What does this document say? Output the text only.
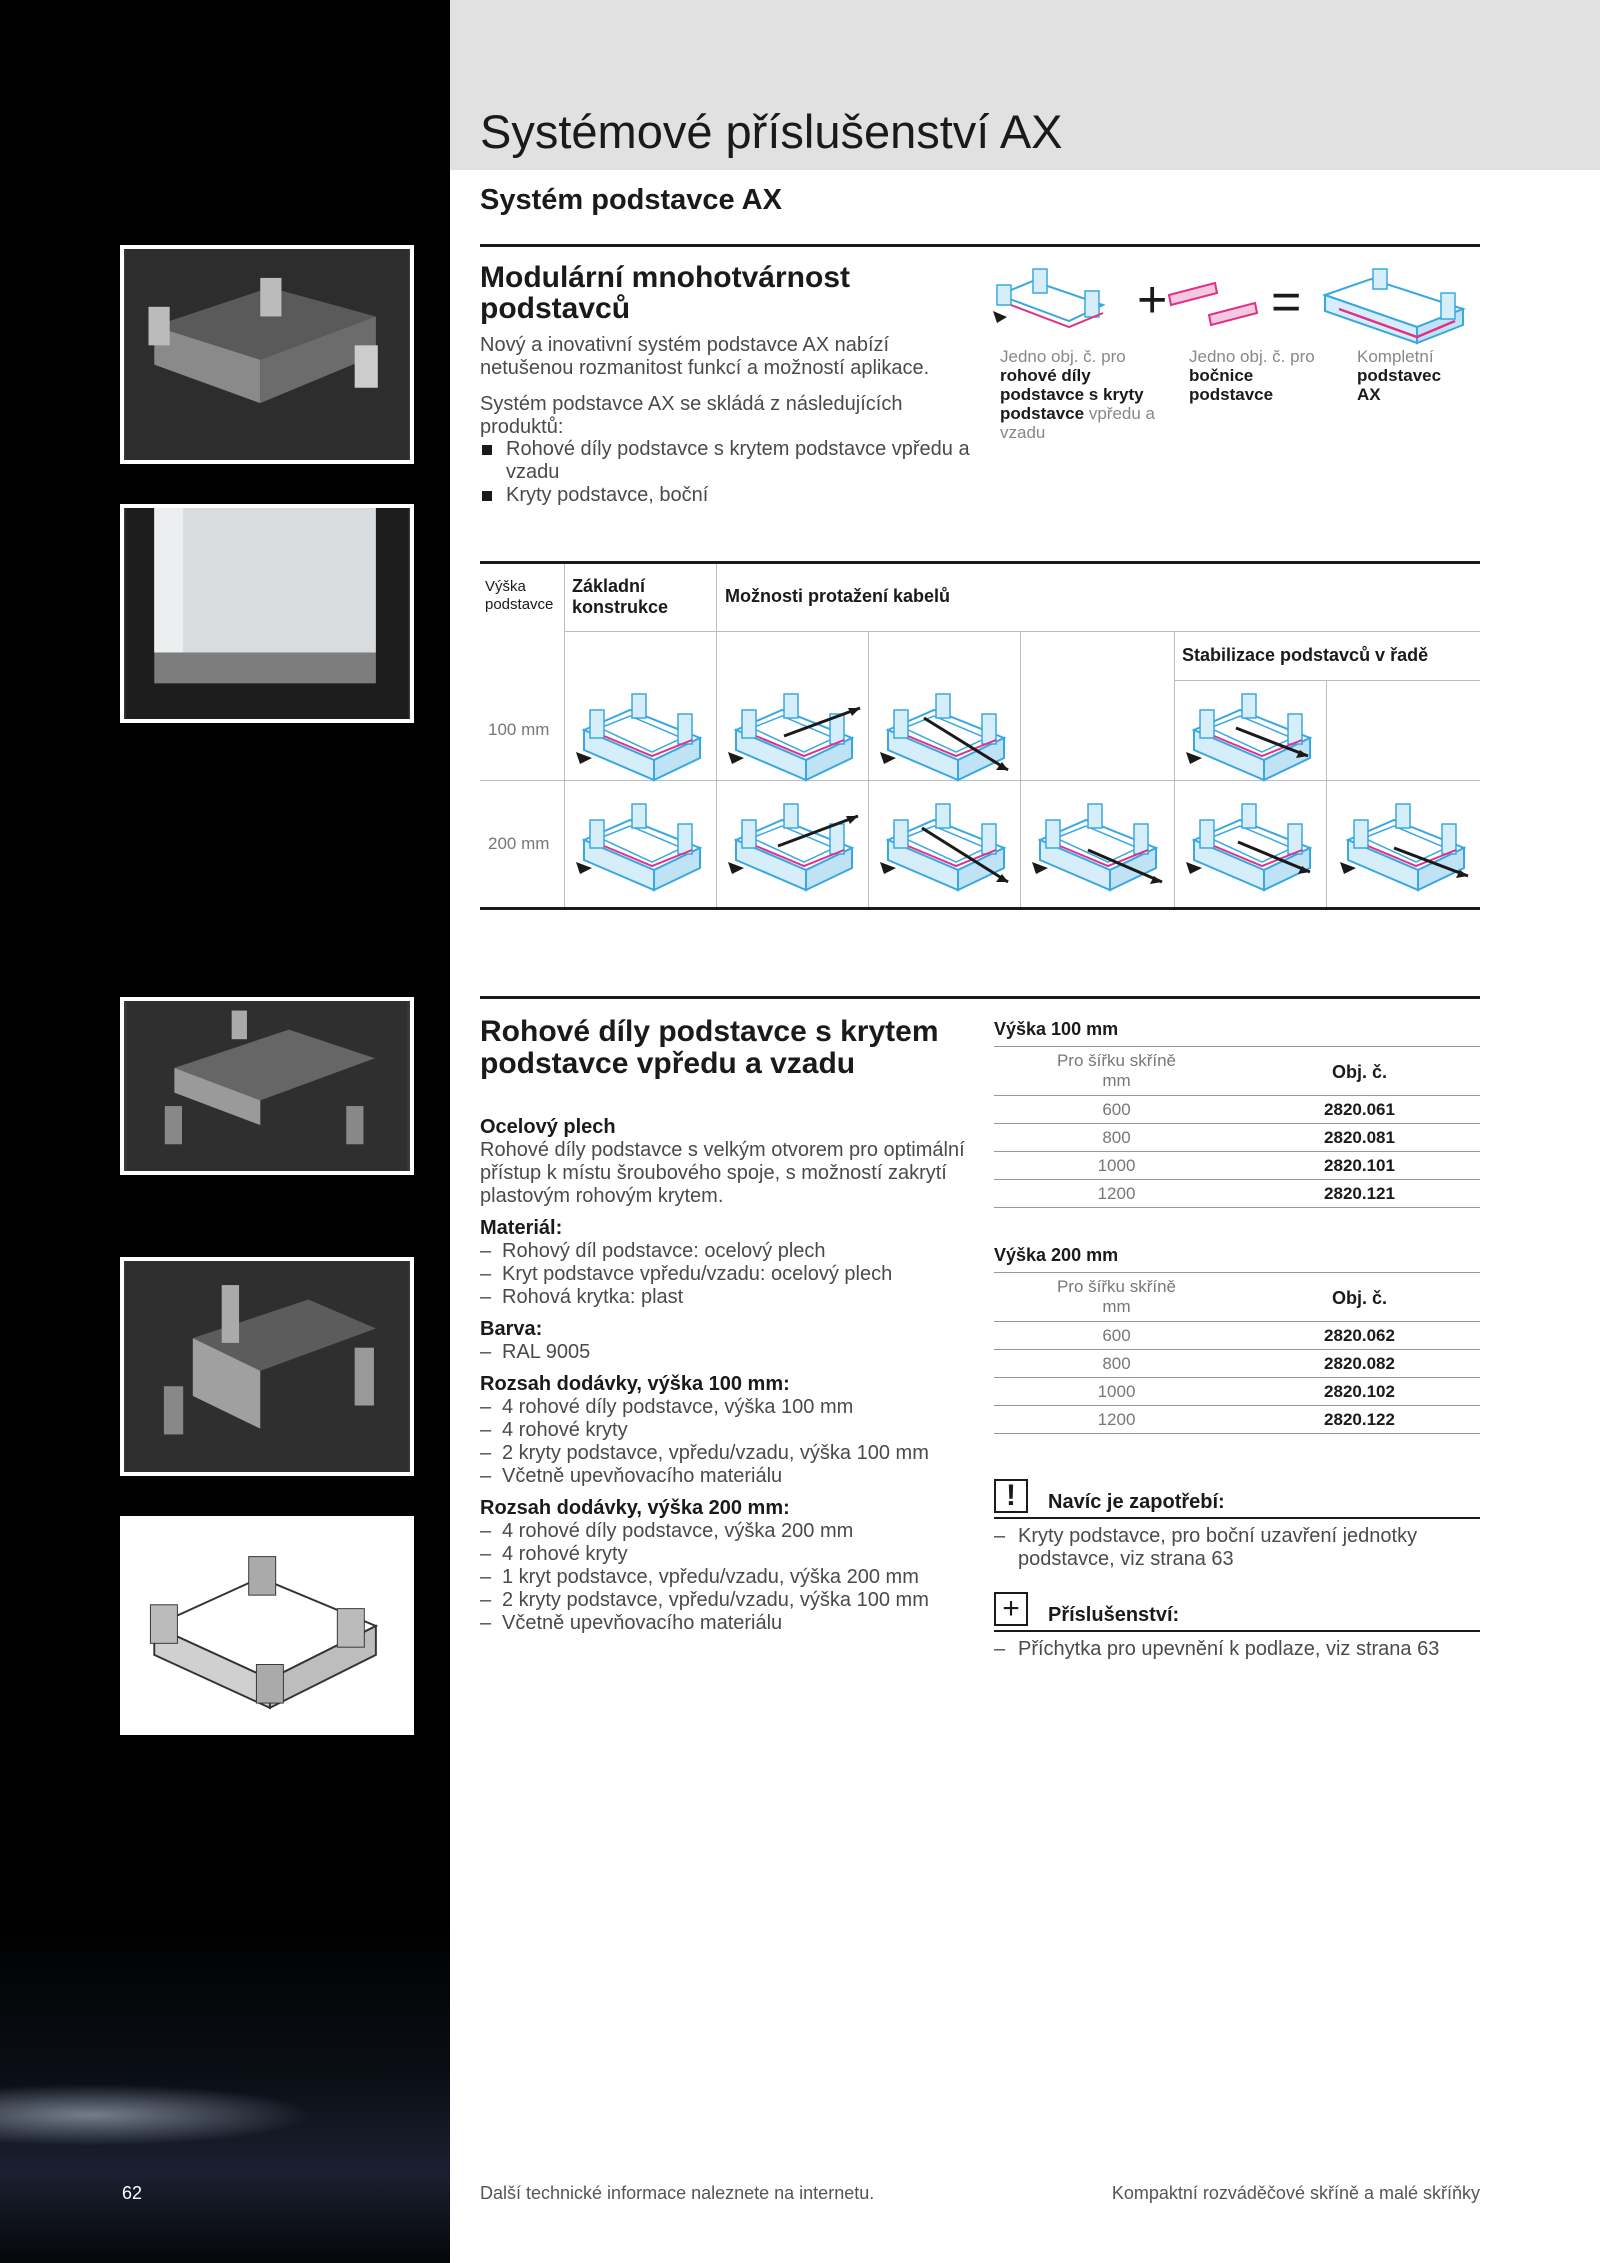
62
Systémové příslušenství AX
Systém podstavce AX
Modulární mnohotvárnost podstavců

Nový a inovativní systém podstavce AX nabízí netušenou rozmanitost funkcí a možností aplikace.

Systém podstavce AX se skládá z následujících produktů:

Rohové díly podstavce s krytem podstavce vpředu a vzadu
Kryty podstavce, boční
+ =
Jedno obj. č. pro
rohové díly podstavce s kryty podstavce vpředu a vzadu
Jedno obj. č. pro
bočnice podstavce
Kompletní
podstavec AX
Výška podstavce
Základní konstrukce
Možnosti protažení kabelů
Stabilizace podstavců v řadě
100 mm
200 mm
Rohové díly podstavce s krytem podstavce vpředu a vzadu
Ocelový plech
Rohové díly podstavce s velkým otvorem pro optimální přístup k místu šroubového spoje, s možností zakrytí plastovým rohovým krytem.
Materiál:
– Rohový díl podstavce: ocelový plech
– Kryt podstavce vpředu/vzadu: ocelový plech
– Rohová krytka: plast
Barva:
– RAL 9005
Rozsah dodávky, výška 100 mm:
– 4 rohové díly podstavce, výška 100 mm
– 4 rohové kryty
– 2 kryty podstavce, vpředu/vzadu, výška 100 mm
– Včetně upevňovacího materiálu
Rozsah dodávky, výška 200 mm:
– 4 rohové díly podstavce, výška 200 mm
– 4 rohové kryty
– 1 kryt podstavce, vpředu/vzadu, výška 200 mm
– 2 kryty podstavce, vpředu/vzadu, výška 100 mm
– Včetně upevňovacího materiálu
Výška 100 mm
Pro šířku skříně mm	Obj. č.
600	2820.061
800	2820.081
1000	2820.101
1200	2820.121
Výška 200 mm
Pro šířku skříně mm	Obj. č.
600	2820.062
800	2820.082
1000	2820.102
1200	2820.122
!	Navíc je zapotřebí:
– Kryty podstavce, pro boční uzavření jednotky podstavce, viz strana 63
+	Příslušenství:
– Příchytka pro upevnění k podlaze, viz strana 63
Další technické informace naleznete na internetu.	Kompaktní rozváděčové skříně a malé skříňky
